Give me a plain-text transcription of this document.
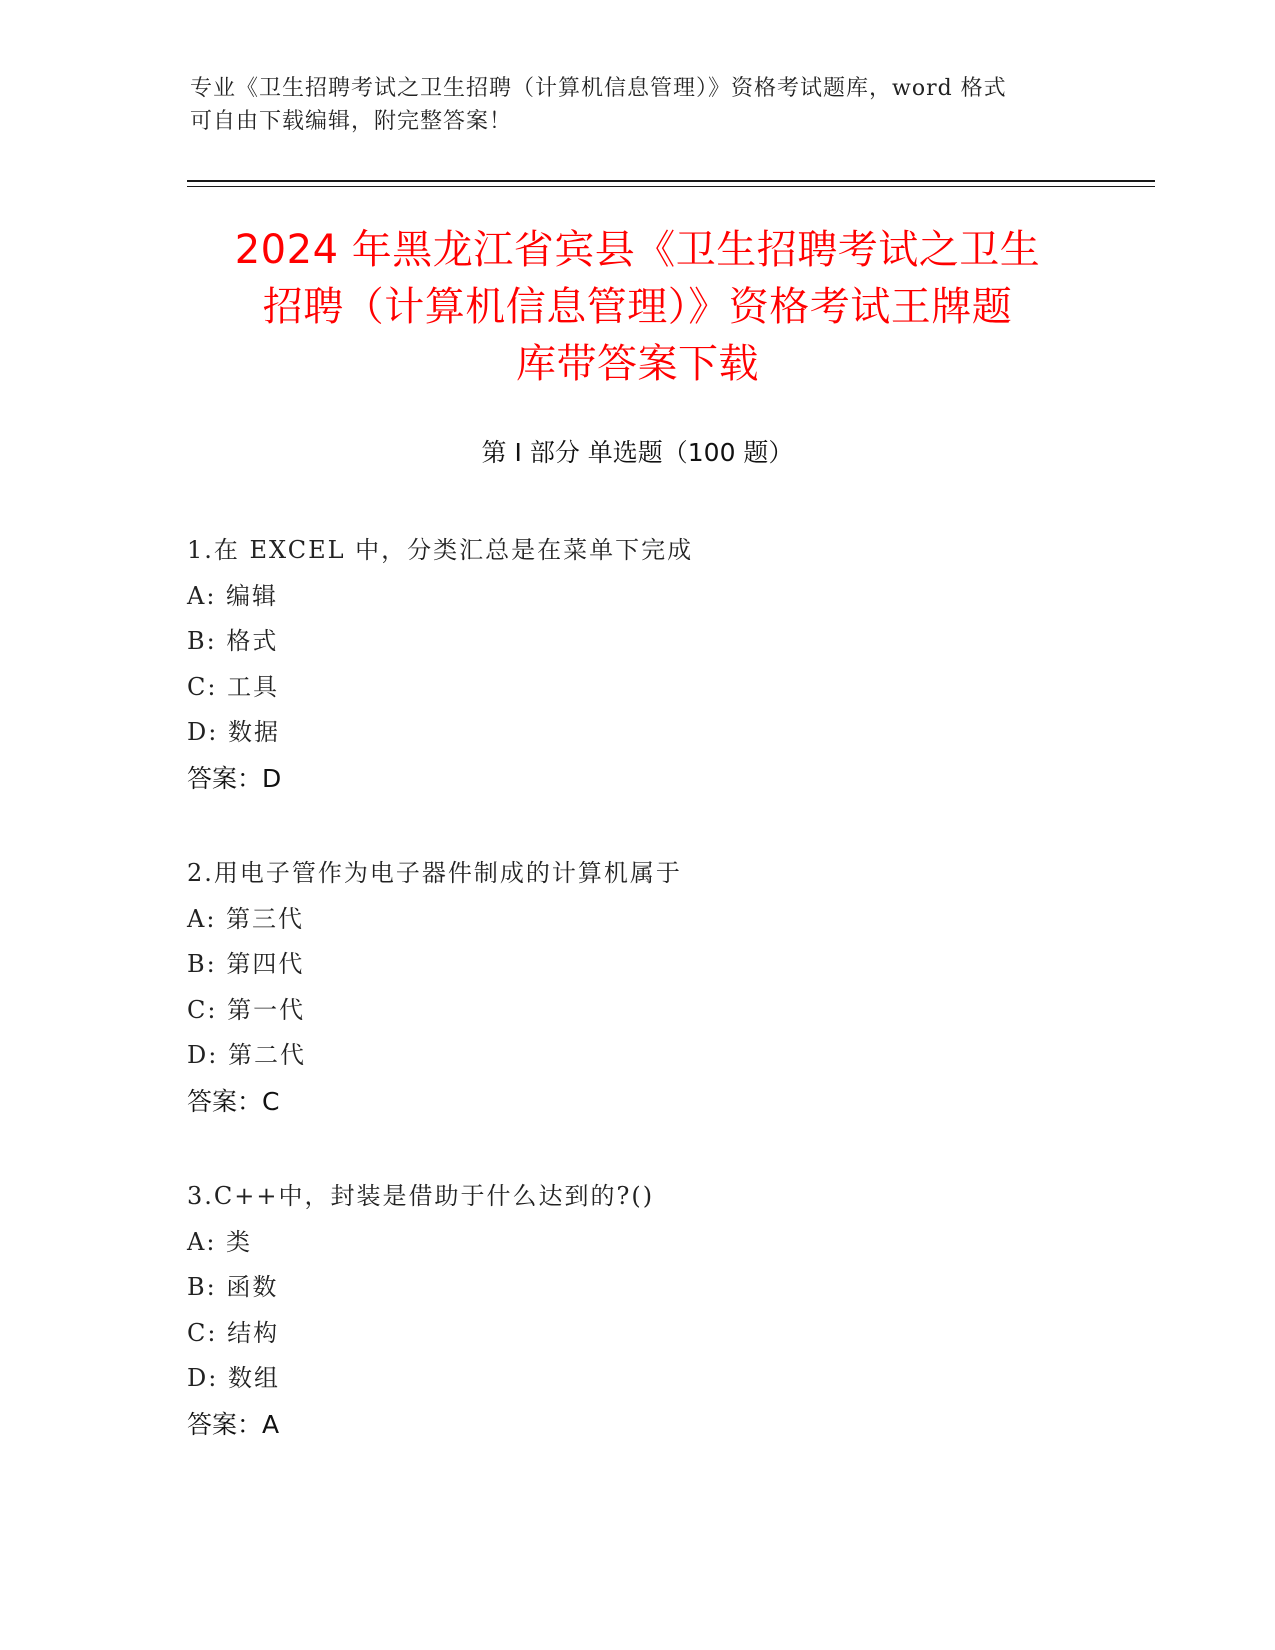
专业《卫生招聘考试之卫生招聘（计算机信息管理）》资格考试题库，word 格式
可自由下载编辑，附完整答案！
2024 年黑龙江省宾县《卫生招聘考试之卫生
招聘（计算机信息管理）》资格考试王牌题
库带答案下载
第 I 部分 单选题（100 题）
1.在 EXCEL 中，分类汇总是在菜单下完成
A: 编辑
B: 格式
C: 工具
D: 数据
答案：D
2.用电子管作为电子器件制成的计算机属于
A: 第三代
B: 第四代
C: 第一代
D: 第二代
答案：C
3.C++中，封装是借助于什么达到的?()
A: 类
B: 函数
C: 结构
D: 数组
答案：A
